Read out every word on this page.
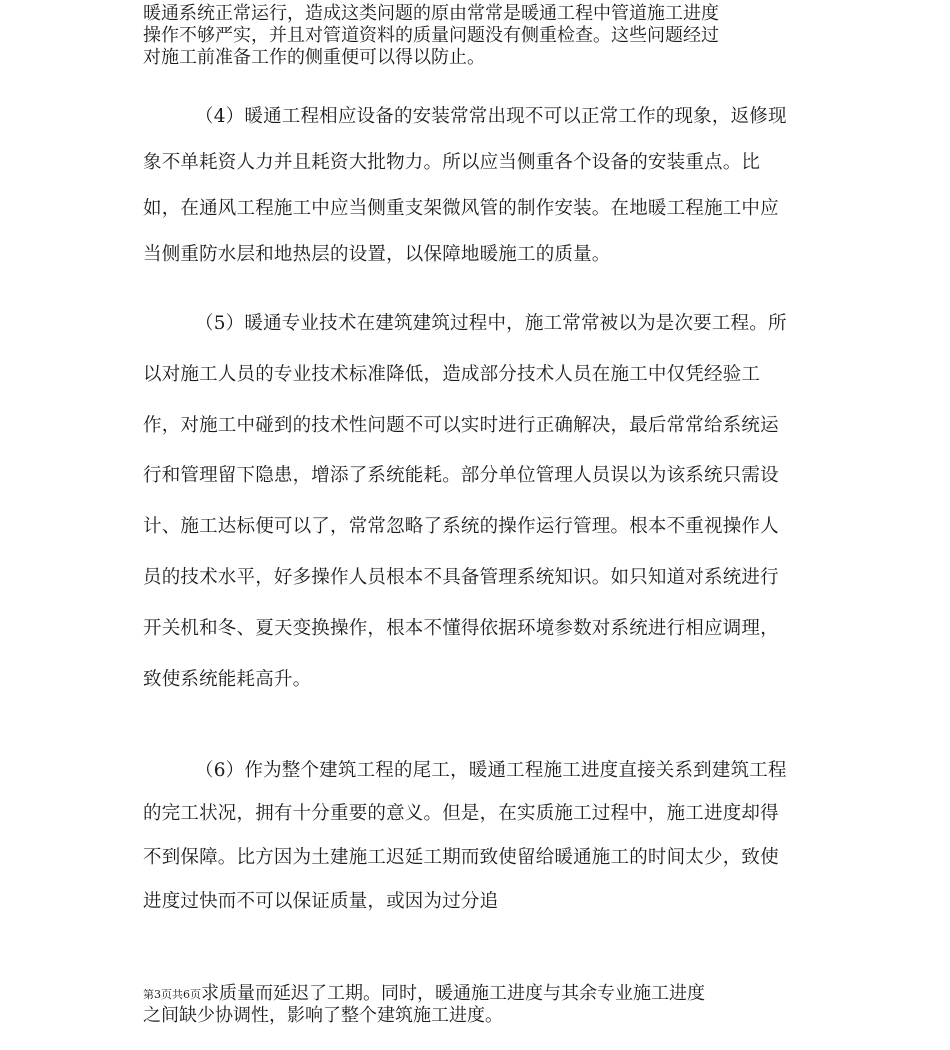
暖通系统正常运行，造成这类问题的原由常常是暖通工程中管道施工进度
操作不够严实，并且对管道资料的质量问题没有侧重检查。这些问题经过
对施工前准备工作的侧重便可以得以防止。
（4）暖通工程相应设备的安装常常出现不可以正常工作的现象，返修现
象不单耗资人力并且耗资大批物力。所以应当侧重各个设备的安装重点。比
如，在通风工程施工中应当侧重支架微风管的制作安装。在地暖工程施工中应
当侧重防水层和地热层的设置，以保障地暖施工的质量。
（5）暖通专业技术在建筑建筑过程中，施工常常被以为是次要工程。所
以对施工人员的专业技术标准降低，造成部分技术人员在施工中仅凭经验工
作，对施工中碰到的技术性问题不可以实时进行正确解决，最后常常给系统运
行和管理留下隐患，增添了系统能耗。部分单位管理人员误以为该系统只需设
计、施工达标便可以了，常常忽略了系统的操作运行管理。根本不重视操作人
员的技术水平，好多操作人员根本不具备管理系统知识。如只知道对系统进行
开关机和冬、夏天变换操作，根本不懂得依据环境参数对系统进行相应调理，
致使系统能耗高升。
（6）作为整个建筑工程的尾工，暖通工程施工进度直接关系到建筑工程
的完工状况，拥有十分重要的意义。但是，在实质施工过程中，施工进度却得
不到保障。比方因为土建施工迟延工期而致使留给暖通施工的时间太少，致使
进度过快而不可以保证质量，或因为过分追
第3页共6页求质量而延迟了工期。同时，暖通施工进度与其余专业施工进度
之间缺少协调性，影响了整个建筑施工进度。
